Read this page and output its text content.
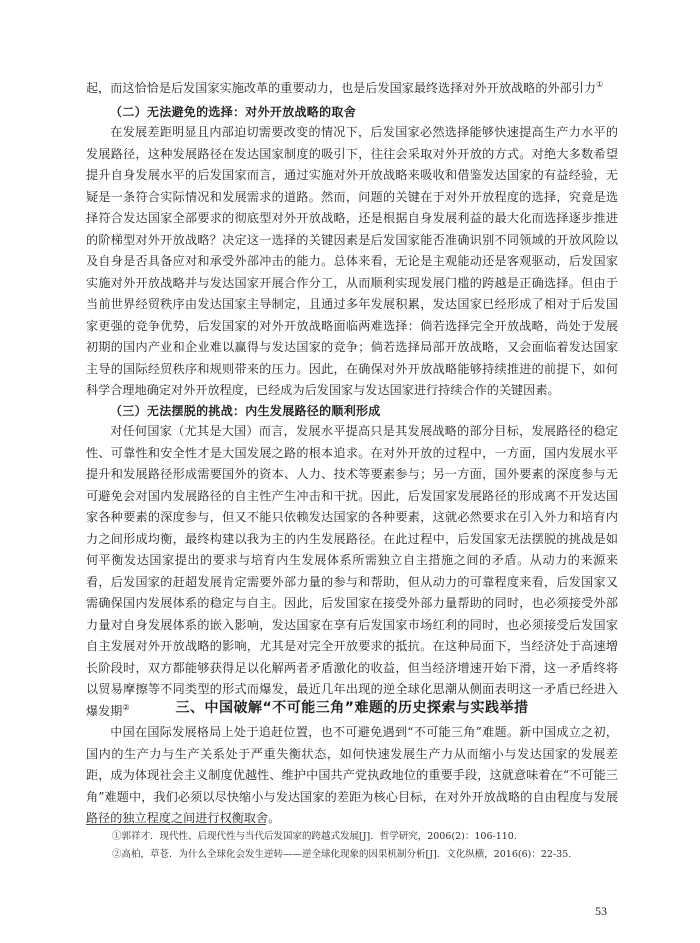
起，而这恰恰是后发国家实施改革的重要动力，也是后发国家最终选择对外开放战略的外部引力①

（二）无法避免的选择：对外开放战略的取舍

在发展差距明显且内部迫切需要改变的情况下，后发国家必然选择能够快速提高生产力水平的发展路径，这种发展路径在发达国家制度的吸引下，往往会采取对外开放的方式。对绝大多数希望提升自身发展水平的后发国家而言，通过实施对外开放战略来吸收和借鉴发达国家的有益经验，无疑是一条符合实际情况和发展需求的道路。然而，问题的关键在于对外开放程度的选择，究竟是选择符合发达国家全部要求的彻底型对外开放战略，还是根据自身发展利益的最大化而选择逐步推进的阶梯型对外开放战略？决定这一选择的关键因素是后发国家能否准确识别不同领域的开放风险以及自身是否具备应对和承受外部冲击的能力。总体来看，无论是主观能动还是客观驱动，后发国家实施对外开放战略并与发达国家开展合作分工，从而顺利实现发展门槛的跨越是正确选择。但由于当前世界经贸秩序由发达国家主导制定，且通过多年发展积累，发达国家已经形成了相对于后发国家更强的竞争优势，后发国家的对外开放战略面临两难选择：倘若选择完全开放战略，尚处于发展初期的国内产业和企业难以赢得与发达国家的竞争；倘若选择局部开放战略，又会面临着发达国家主导的国际经贸秩序和规则带来的压力。因此，在确保对外开放战略能够持续推进的前提下，如何科学合理地确定对外开放程度，已经成为后发国家与发达国家进行持续合作的关键因素。

（三）无法摆脱的挑战：内生发展路径的顺利形成

对任何国家（尤其是大国）而言，发展水平提高只是其发展战略的部分目标，发展路径的稳定性、可靠性和安全性才是大国发展之路的根本追求。在对外开放的过程中，一方面，国内发展水平提升和发展路径形成需要国外的资本、人力、技术等要素参与；另一方面，国外要素的深度参与无可避免会对国内发展路径的自主性产生冲击和干扰。因此，后发国家发展路径的形成离不开发达国家各种要素的深度参与，但又不能只依赖发达国家的各种要素，这就必然要求在引入外力和培育内力之间形成均衡，最终构建以我为主的内生发展路径。在此过程中，后发国家无法摆脱的挑战是如何平衡发达国家提出的要求与培育内生发展体系所需独立自主措施之间的矛盾。从动力的来源来看，后发国家的赶超发展肯定需要外部力量的参与和帮助，但从动力的可靠程度来看，后发国家又需确保国内发展体系的稳定与自主。因此，后发国家在接受外部力量帮助的同时，也必须接受外部力量对自身发展体系的嵌入影响，发达国家在享有后发国家市场红利的同时，也必须接受后发国家自主发展对外开放战略的影响，尤其是对完全开放要求的抵抗。在这种局面下，当经济处于高速增长阶段时，双方都能够获得足以化解两者矛盾激化的收益，但当经济增速开始下滑，这一矛盾终将以贸易摩擦等不同类型的形式而爆发，最近几年出现的逆全球化思潮从侧面表明这一矛盾已经进入爆发期②	三、中国破解“不可能三角”难题的历史探索与实践举措

中国在国际发展格局上处于追赶位置，也不可避免遇到“不可能三角”难题。新中国成立之初，国内的生产力与生产关系处于严重失衡状态，如何快速发展生产力从而缩小与发达国家的发展差距，成为体现社会主义制度优越性、维护中国共产党执政地位的重要手段，这就意味着在“不可能三角”难题中，我们必须以尽快缩小与发达国家的差距为核心目标，在对外开放战略的自由程度与发展路径的独立程度之间进行权衡取舍。

①郭祥才．现代性、后现代性与当代后发国家的跨越式发展[J]．哲学研究，2006(2)：106-110.
②高柏，草苍．为什么全球化会发生逆转——逆全球化现象的因果机制分析[J]．文化纵横，2016(6)：22-35.
53
